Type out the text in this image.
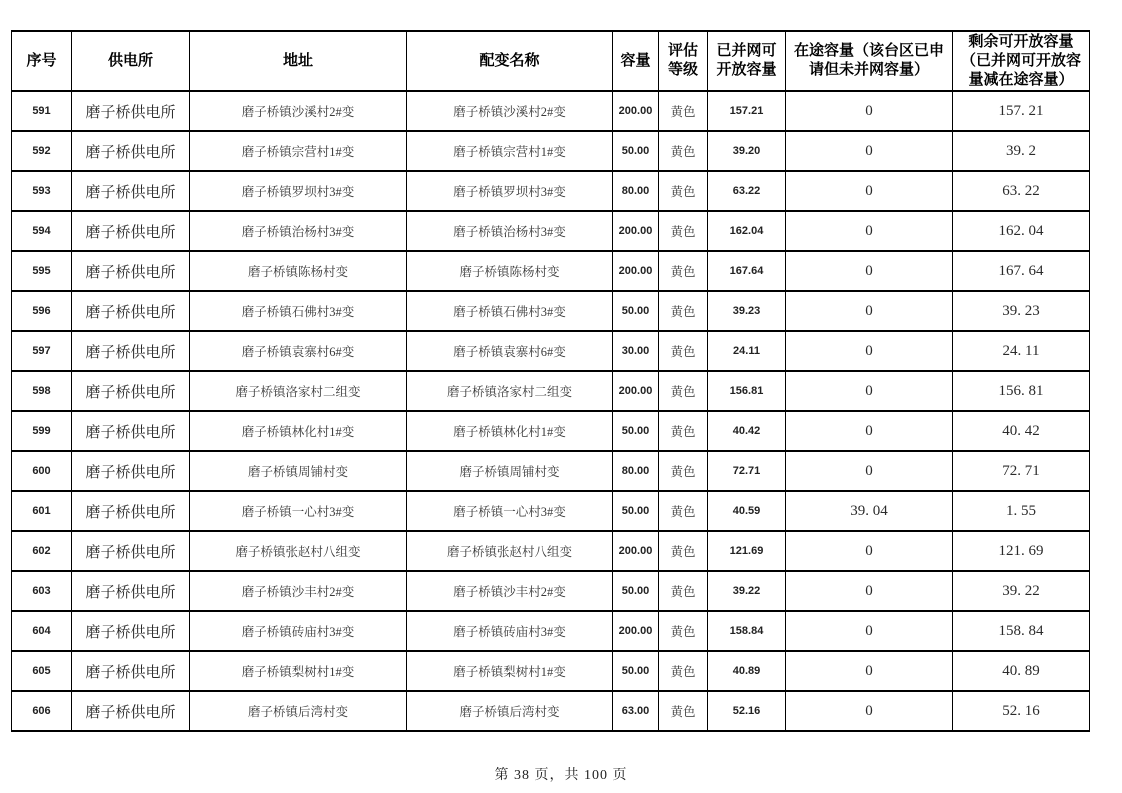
序号	供电所	地址	配变名称	容量	评估等级	已并网可开放容量	在途容量（该台区已申请但未并网容量）	剩余可开放容量（已并网可开放容量减在途容量）
591	磨子桥供电所	磨子桥镇沙溪村2#变	磨子桥镇沙溪村2#变	200.00	黄色	157.21	0	157. 21
592	磨子桥供电所	磨子桥镇宗营村1#变	磨子桥镇宗营村1#变	50.00	黄色	39.20	0	39. 2
593	磨子桥供电所	磨子桥镇罗坝村3#变	磨子桥镇罗坝村3#变	80.00	黄色	63.22	0	63. 22
594	磨子桥供电所	磨子桥镇治杨村3#变	磨子桥镇治杨村3#变	200.00	黄色	162.04	0	162. 04
595	磨子桥供电所	磨子桥镇陈杨村变	磨子桥镇陈杨村变	200.00	黄色	167.64	0	167. 64
596	磨子桥供电所	磨子桥镇石佛村3#变	磨子桥镇石佛村3#变	50.00	黄色	39.23	0	39. 23
597	磨子桥供电所	磨子桥镇袁寨村6#变	磨子桥镇袁寨村6#变	30.00	黄色	24.11	0	24. 11
598	磨子桥供电所	磨子桥镇洛家村二组变	磨子桥镇洛家村二组变	200.00	黄色	156.81	0	156. 81
599	磨子桥供电所	磨子桥镇林化村1#变	磨子桥镇林化村1#变	50.00	黄色	40.42	0	40. 42
600	磨子桥供电所	磨子桥镇周铺村变	磨子桥镇周铺村变	80.00	黄色	72.71	0	72. 71
601	磨子桥供电所	磨子桥镇一心村3#变	磨子桥镇一心村3#变	50.00	黄色	40.59	39. 04	1. 55
602	磨子桥供电所	磨子桥镇张赵村八组变	磨子桥镇张赵村八组变	200.00	黄色	121.69	0	121. 69
603	磨子桥供电所	磨子桥镇沙丰村2#变	磨子桥镇沙丰村2#变	50.00	黄色	39.22	0	39. 22
604	磨子桥供电所	磨子桥镇砖庙村3#变	磨子桥镇砖庙村3#变	200.00	黄色	158.84	0	158. 84
605	磨子桥供电所	磨子桥镇梨树村1#变	磨子桥镇梨树村1#变	50.00	黄色	40.89	0	40. 89
606	磨子桥供电所	磨子桥镇后湾村变	磨子桥镇后湾村变	63.00	黄色	52.16	0	52. 16
第 38 页，共 100 页
